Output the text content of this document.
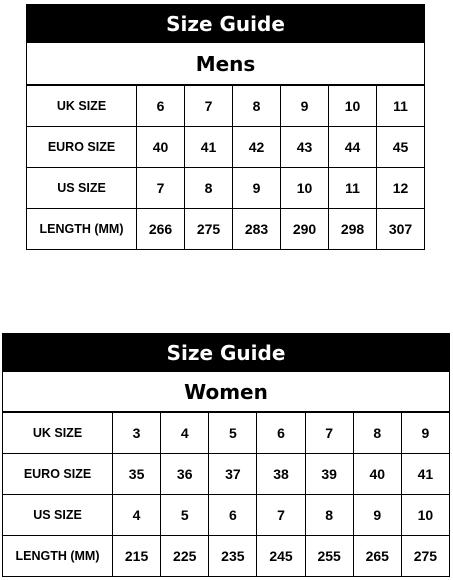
Size Guide
Mens
UK SIZE	6	7	8	9	10	11
EURO SIZE	40	41	42	43	44	45
US SIZE	7	8	9	10	11	12
LENGTH (MM)	266	275	283	290	298	307
Size Guide
Women
UK SIZE	3	4	5	6	7	8	9
EURO SIZE	35	36	37	38	39	40	41
US SIZE	4	5	6	7	8	9	10
LENGTH (MM)	215	225	235	245	255	265	275
